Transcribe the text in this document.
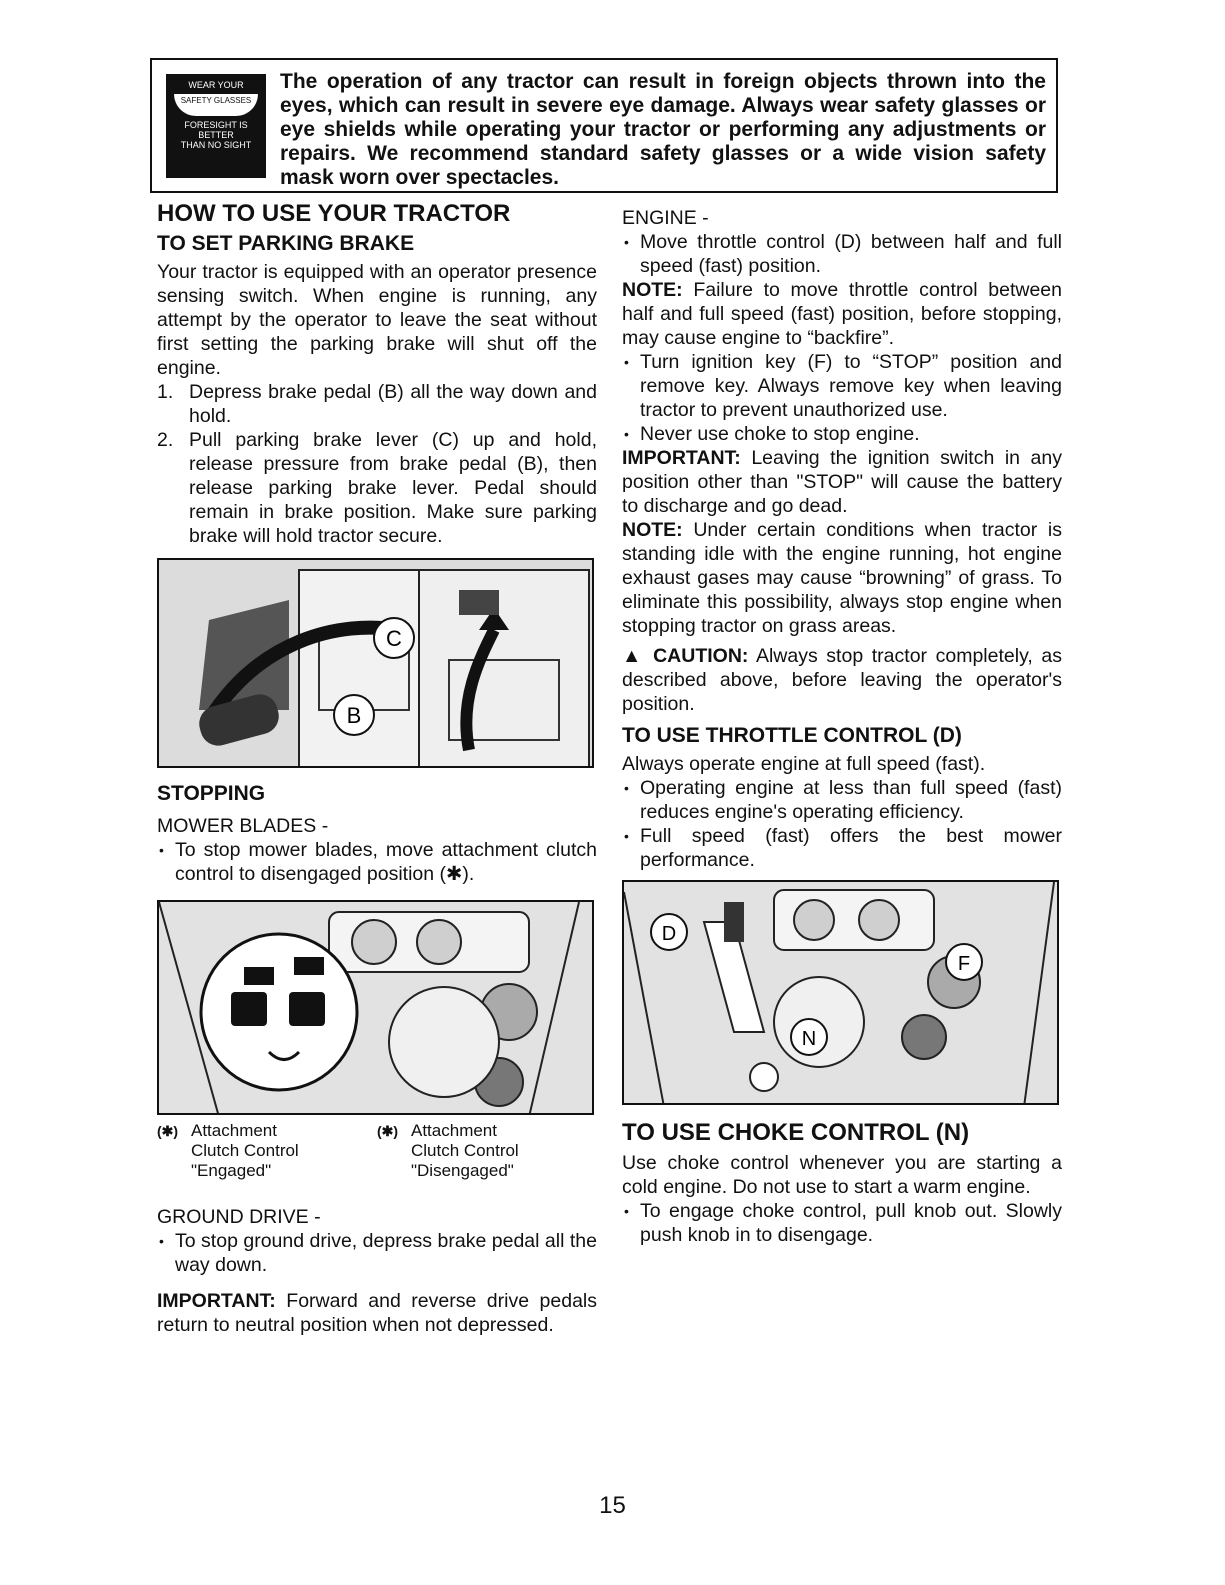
WEAR YOUR
SAFETY GLASSES
FORESIGHT IS BETTER
THAN NO SIGHT
The operation of any tractor can result in foreign objects thrown into the eyes, which can result in severe eye damage. Always wear safety glasses or eye shields while operating your tractor or performing any adjustments or repairs. We recommend standard safety glasses or a wide vision safety mask worn over spectacles.
HOW TO USE YOUR TRACTOR
TO SET PARKING BRAKE

Your tractor is equipped with an operator presence sensing switch. When engine is running, any attempt by the operator to leave the seat without first setting the parking brake will shut off the engine.

1. Depress brake pedal (B) all the way down and hold.
2. Pull parking brake lever (C) up and hold, release pressure from brake pedal (B), then release parking brake lever. Pedal should remain in brake position. Make sure parking brake will hold tractor secure.
C
B
STOPPING

MOWER BLADES -

• To stop mower blades, move attachment clutch control to disengaged position (✱).
(✱) Attachment
Clutch Control
"Engaged"
(✱) Attachment
Clutch Control
"Disengaged"

GROUND DRIVE -

• To stop ground drive, depress brake pedal all the way down.

IMPORTANT: Forward and reverse drive pedals return to neutral position when not depressed.

ENGINE -

• Move throttle control (D) between half and full speed (fast) position.

NOTE: Failure to move throttle control between half and full speed (fast) position, before stopping, may cause engine to “backfire”.

• Turn ignition key (F) to “STOP” position and remove key. Always remove key when leaving tractor to prevent unauthorized use.
• Never use choke to stop engine.

IMPORTANT: Leaving the ignition switch in any position other than "STOP" will cause the battery to discharge and go dead.

NOTE: Under certain conditions when tractor is standing idle with the engine running, hot engine exhaust gases may cause “browning” of grass. To eliminate this possibility, always stop engine when stopping tractor on grass areas.

▲ CAUTION: Always stop tractor completely, as described above, before leaving the operator's position.

TO USE THROTTLE CONTROL (D)

Always operate engine at full speed (fast).

• Operating engine at less than full speed (fast) reduces engine's operating efficiency.
• Full speed (fast) offers the best mower performance.
D
F
N
TO USE CHOKE CONTROL (N)

Use choke control whenever you are starting a cold engine. Do not use to start a warm engine.

• To engage choke control, pull knob out. Slowly push knob in to disengage.
15
